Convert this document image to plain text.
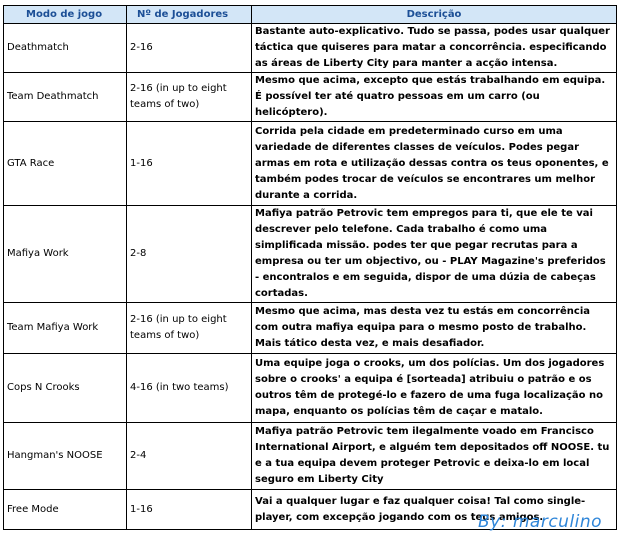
Modo de jogo	Nº de Jogadores	Descrição
Deathmatch	2-16	Bastante auto-explicativo. Tudo se passa, podes usar qualquer táctica que quiseres para matar a concorrência. especificando as áreas de Liberty City para manter a acção intensa.
Team Deathmatch	2-16 (in up to eight teams of two)	Mesmo que acima, excepto que estás trabalhando em equipa. É possível ter até quatro pessoas em um carro (ou helicóptero).
GTA Race	1-16	Corrida pela cidade em predeterminado curso em uma variedade de diferentes classes de veículos. Podes pegar armas em rota e utilização dessas contra os teus oponentes, e também podes trocar de veículos se encontrares um melhor durante a corrida.
Mafiya Work	2-8	Mafiya patrão Petrovic tem empregos para ti, que ele te vai descrever pelo telefone. Cada trabalho é como uma simplificada missão. podes ter que pegar recrutas para a empresa ou ter um objectivo, ou - PLAY Magazine's preferidos - encontralos e em seguida, dispor de uma dúzia de cabeças cortadas.
Team Mafiya Work	2-16 (in up to eight teams of two)	Mesmo que acima, mas desta vez tu estás em concorrência com outra mafiya equipa para o mesmo posto de trabalho. Mais tático desta vez, e mais desafiador.
Cops N Crooks	4-16 (in two teams)	Uma equipe joga o crooks, um dos polícias. Um dos jogadores sobre o crooks' a equipa é [sorteada] atribuiu o patrão e os outros têm de protegé-lo e fazero de uma fuga localização no mapa, enquanto os polícias têm de caçar e matalo.
Hangman's NOOSE	2-4	Mafiya patrão Petrovic tem ilegalmente voado em Francisco International Airport, e alguém tem depositados off NOOSE. tu e a tua equipa devem proteger Petrovic e deixa-lo em local seguro em Liberty City
Free Mode	1-16	Vai a qualquer lugar e faz qualquer coisa! Tal como single-player, com excepção jogando com os teus amigos.
By: marculino
